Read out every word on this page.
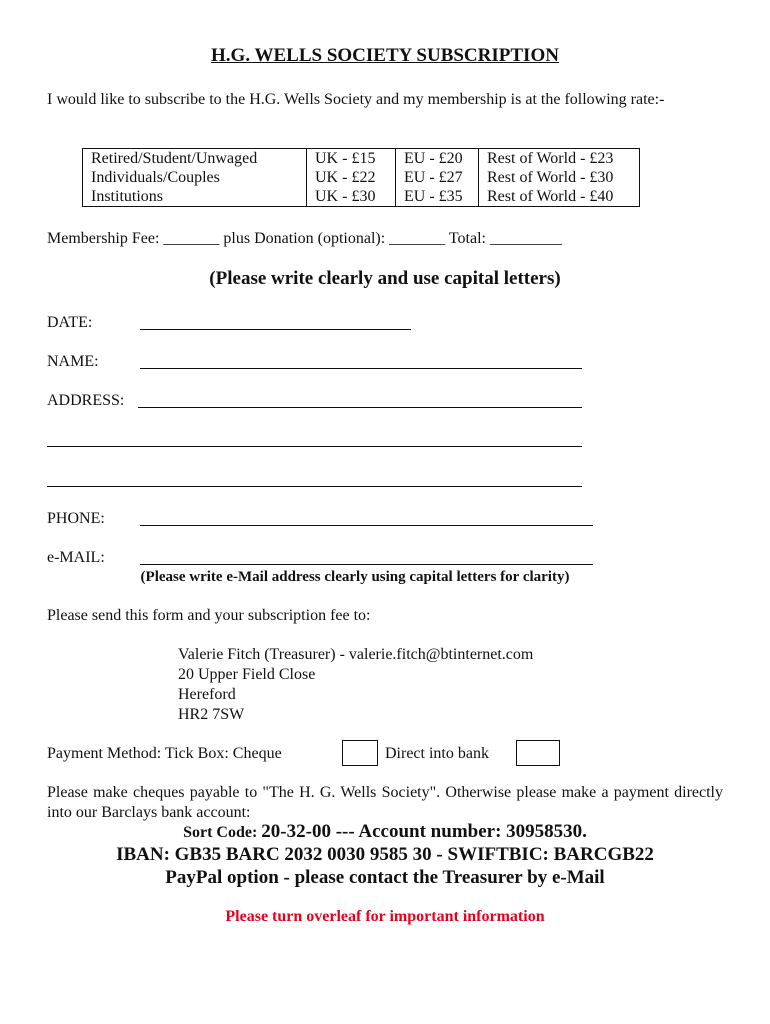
H.G. WELLS SOCIETY SUBSCRIPTION
I would like to subscribe to the H.G. Wells Society and my membership is at the following rate:-
Retired/Student/Unwaged	UK - £15	EU - £20	Rest of World - £23
Individuals/Couples	UK - £22	EU - £27	Rest of World - £30
Institutions	UK - £30	EU - £35	Rest of World - £40
Membership Fee: _______ plus Donation (optional): _______ Total: _________
(Please write clearly and use capital letters)
DATE:
NAME:
ADDRESS:
PHONE:
e-MAIL:
(Please write e-Mail address clearly using capital letters for clarity)
Please send this form and your subscription fee to:
Valerie Fitch (Treasurer) - valerie.fitch@btinternet.com
20 Upper Field Close
Hereford
HR2 7SW
Payment Method: Tick Box: Cheque	Direct into bank
Please make cheques payable to "The H. G. Wells Society". Otherwise please make a payment directly into our Barclays bank account:
Sort Code: 20-32-00 --- Account number: 30958530.
IBAN: GB35 BARC 2032 0030 9585 30 - SWIFTBIC: BARCGB22
PayPal option - please contact the Treasurer by e-Mail
Please turn overleaf for important information
